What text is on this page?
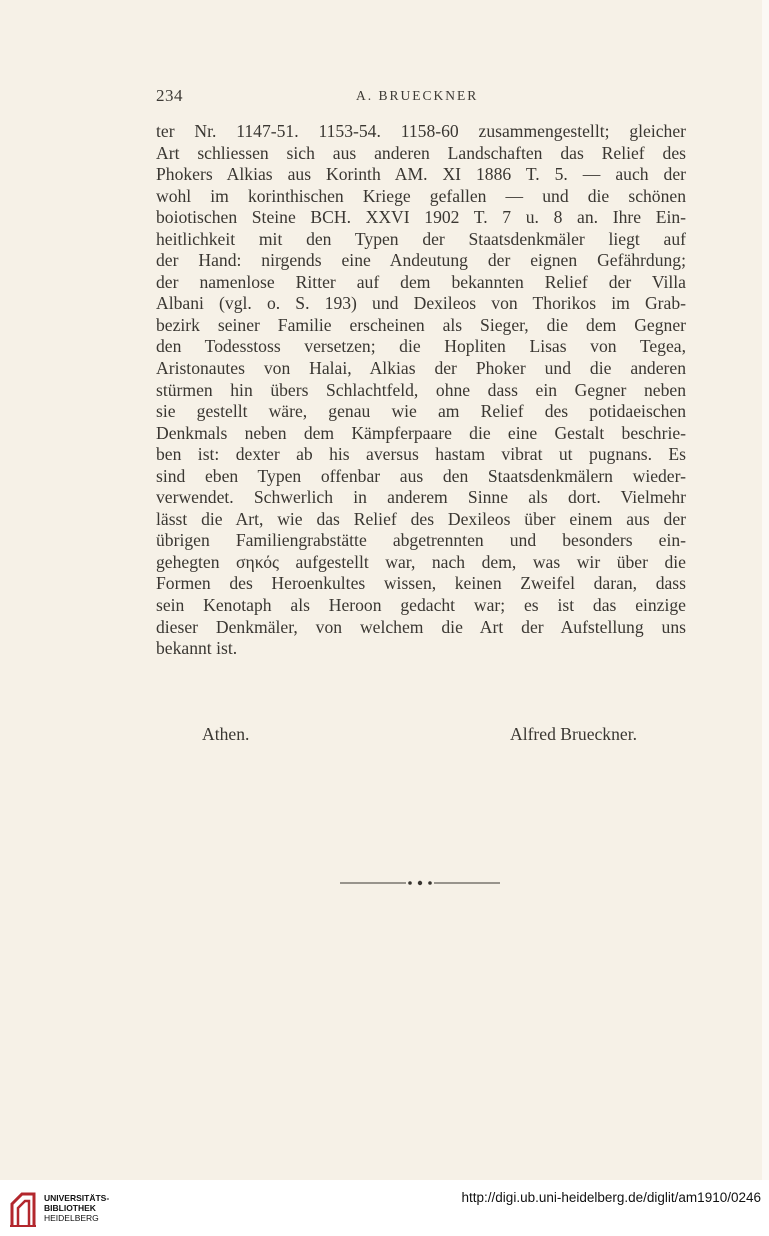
234	A. BRUECKNER
ter Nr. 1147-51. 1153-54. 1158-60 zusammengestellt; gleicher
Art schliessen sich aus anderen Landschaften das Relief des
Phokers Alkias aus Korinth AM. XI 1886 T. 5. — auch der
wohl im korinthischen Kriege gefallen — und die schönen
boiotischen Steine BCH. XXVI 1902 T. 7 u. 8 an. Ihre Ein-
heitlichkeit mit den Typen der Staatsdenkmäler liegt auf
der Hand: nirgends eine Andeutung der eignen Gefährdung;
der namenlose Ritter auf dem bekannten Relief der Villa
Albani (vgl. o. S. 193) und Dexileos von Thorikos im Grab-
bezirk seiner Familie erscheinen als Sieger, die dem Gegner
den Todesstoss versetzen; die Hopliten Lisas von Tegea,
Aristonautes von Halai, Alkias der Phoker und die anderen
stürmen hin übers Schlachtfeld, ohne dass ein Gegner neben
sie gestellt wäre, genau wie am Relief des potidaeischen
Denkmals neben dem Kämpferpaare die eine Gestalt beschrie-
ben ist: dexter ab his aversus hastam vibrat ut pugnans. Es
sind eben Typen offenbar aus den Staatsdenkmälern wieder-
verwendet. Schwerlich in anderem Sinne als dort. Vielmehr
lässt die Art, wie das Relief des Dexileos über einem aus der
übrigen Familiengrabstätte abgetrennten und besonders ein-
gehegten σηκός aufgestellt war, nach dem, was wir über die
Formen des Heroenkultes wissen, keinen Zweifel daran, dass
sein Kenotaph als Heroon gedacht war; es ist das einzige
dieser Denkmäler, von welchem die Art der Aufstellung uns
bekannt ist.
Athen.	Alfred Brueckner.
UNIVERSITÄTS-
BIBLIOTHEK
HEIDELBERG
http://digi.ub.uni-heidelberg.de/diglit/am1910/0246
